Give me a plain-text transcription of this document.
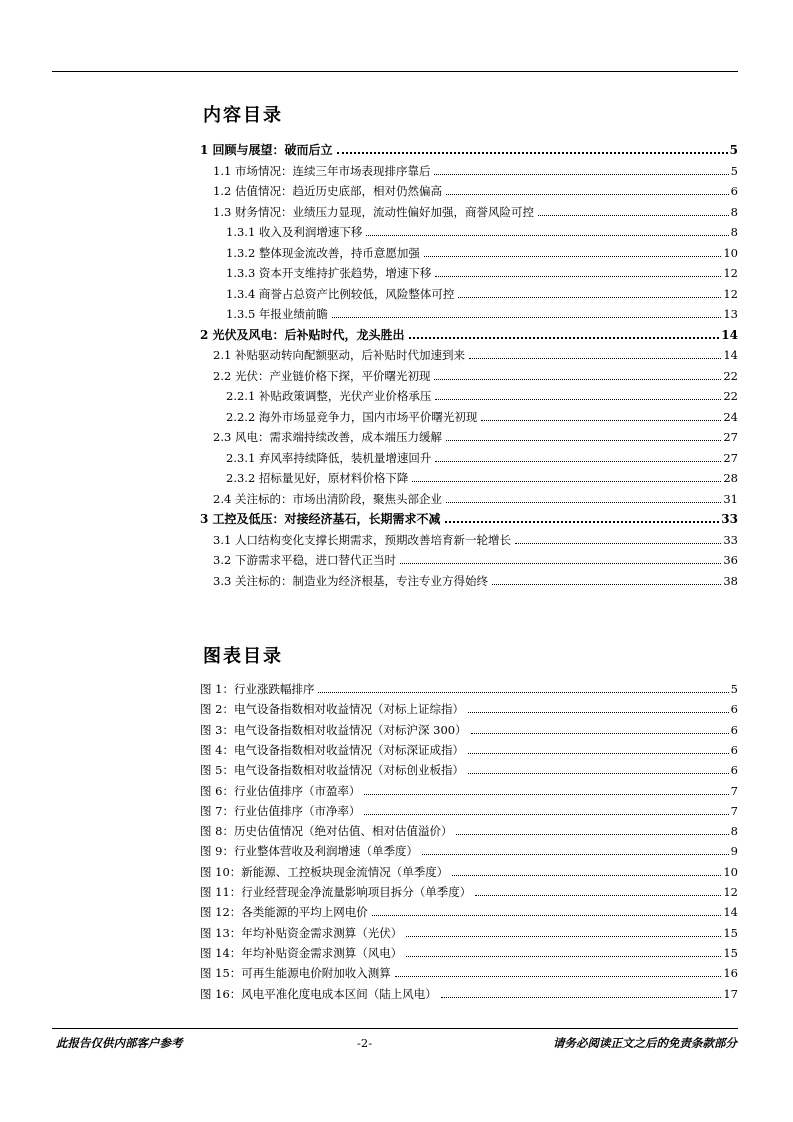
内容目录
1 回顾与展望：破而后立	5
1.1 市场情况：连续三年市场表现排序靠后	5
1.2 估值情况：趋近历史底部，相对仍然偏高	6
1.3 财务情况：业绩压力显现，流动性偏好加强，商誉风险可控	8
1.3.1 收入及利润增速下移	8
1.3.2 整体现金流改善，持币意愿加强	10
1.3.3 资本开支维持扩张趋势，增速下移	12
1.3.4 商誉占总资产比例较低，风险整体可控	12
1.3.5 年报业绩前瞻	13
2 光伏及风电：后补贴时代，龙头胜出	14
2.1 补贴驱动转向配额驱动，后补贴时代加速到来	14
2.2 光伏：产业链价格下探，平价曙光初现	22
2.2.1 补贴政策调整，光伏产业价格承压	22
2.2.2 海外市场显竞争力，国内市场平价曙光初现	24
2.3 风电：需求端持续改善，成本端压力缓解	27
2.3.1 弃风率持续降低，装机量增速回升	27
2.3.2 招标量见好，原材料价格下降	28
2.4 关注标的：市场出清阶段，聚焦头部企业	31
3 工控及低压：对接经济基石，长期需求不减	33
3.1 人口结构变化支撑长期需求，预期改善培育新一轮增长	33
3.2 下游需求平稳，进口替代正当时	36
3.3 关注标的：制造业为经济根基，专注专业方得始终	38
图表目录
图 1：行业涨跌幅排序	5
图 2：电气设备指数相对收益情况（对标上证综指）	6
图 3：电气设备指数相对收益情况（对标沪深 300）	6
图 4：电气设备指数相对收益情况（对标深证成指）	6
图 5：电气设备指数相对收益情况（对标创业板指）	6
图 6：行业估值排序（市盈率）	7
图 7：行业估值排序（市净率）	7
图 8：历史估值情况（绝对估值、相对估值溢价）	8
图 9：行业整体营收及利润增速（单季度）	9
图 10：新能源、工控板块现金流情况（单季度）	10
图 11：行业经营现金净流量影响项目拆分（单季度）	12
图 12：各类能源的平均上网电价	14
图 13：年均补贴资金需求测算（光伏）	15
图 14：年均补贴资金需求测算（风电）	15
图 15：可再生能源电价附加收入测算	16
图 16：风电平准化度电成本区间（陆上风电）	17
此报告仅供内部客户参考	-2-	请务必阅读正文之后的免责条款部分
